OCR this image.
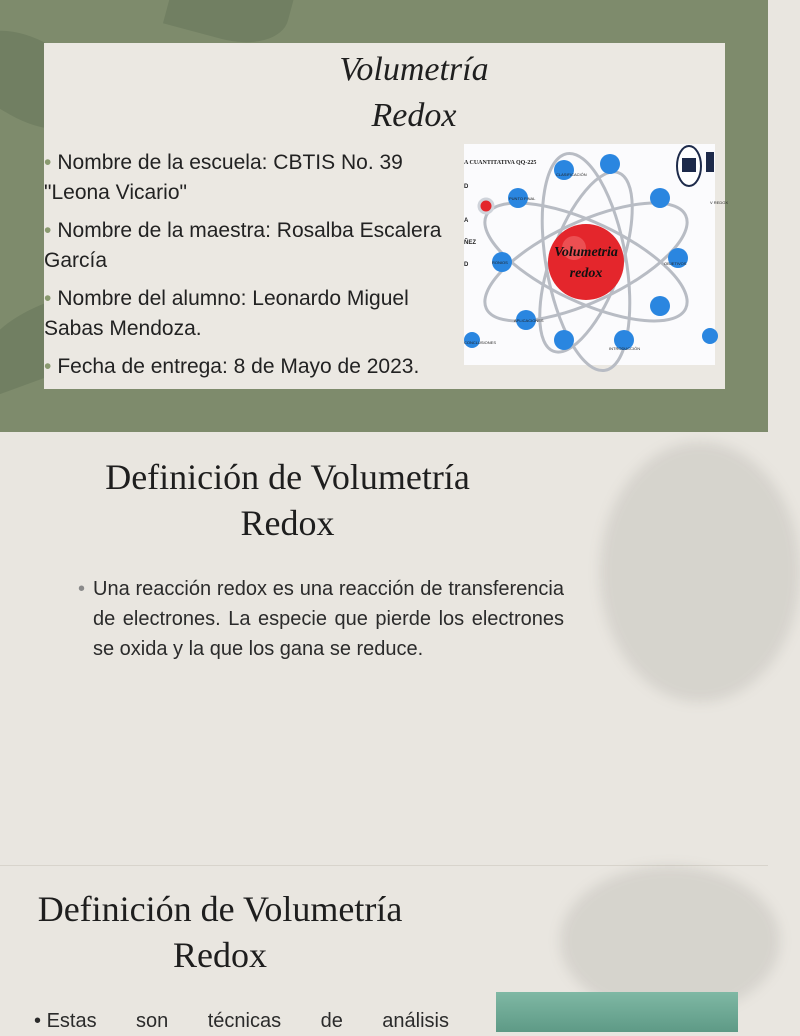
Volumetría
Redox
• Nombre de la escuela: CBTIS No. 39 "Leona Vicario"
• Nombre de la maestra: Rosalba Escalera García
• Nombre del alumno: Leonardo Miguel Sabas Mendoza.
• Fecha de entrega: 8 de Mayo de 2023.
A CUANTITATIVA QQ-225
Volumetria
redox
V REDOX
CLASIFICACIÓN
OBJETIVOS
APLICACIONES
INTRODUCCIÓN
CONCLUSIONES
RONIOS
PUNTO FINAL
D
A
ÑEZ
D
Definición de Volumetría Redox
• Una reacción redox es una reacción de transferencia de electrones. La especie que pierde los electrones se oxida y la que los gana se reduce.

Definición de Volumetría Redox
• Estas son técnicas de análisis
